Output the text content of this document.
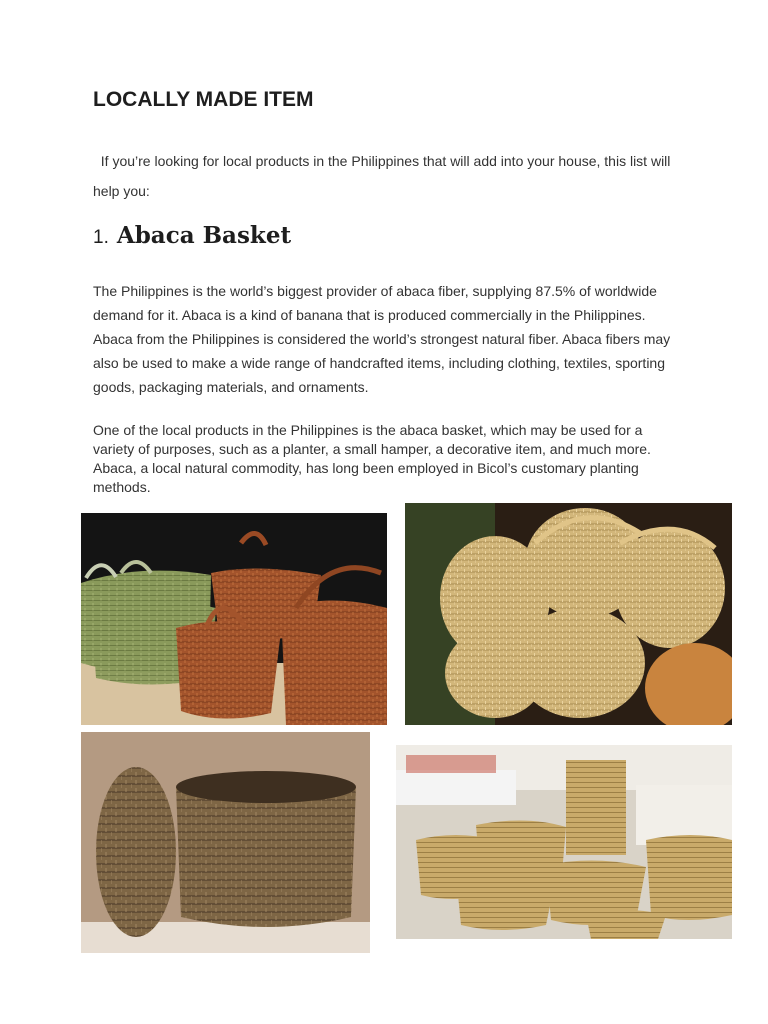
LOCALLY MADE ITEM

If you’re looking for local products in the Philippines that will add into your house, this list will help you:

1. Abaca Basket

The Philippines is the world’s biggest provider of abaca fiber, supplying 87.5% of worldwide demand for it. Abaca is a kind of banana that is produced commercially in the Philippines. Abaca from the Philippines is considered the world’s strongest natural fiber. Abaca fibers may also be used to make a wide range of handcrafted items, including clothing, textiles, sporting goods, packaging materials, and ornaments.

One of the local products in the Philippines is the abaca basket, which may be used for a variety of purposes, such as a planter, a small hamper, a decorative item, and much more. Abaca, a local natural commodity, has long been employed in Bicol’s customary planting methods.
